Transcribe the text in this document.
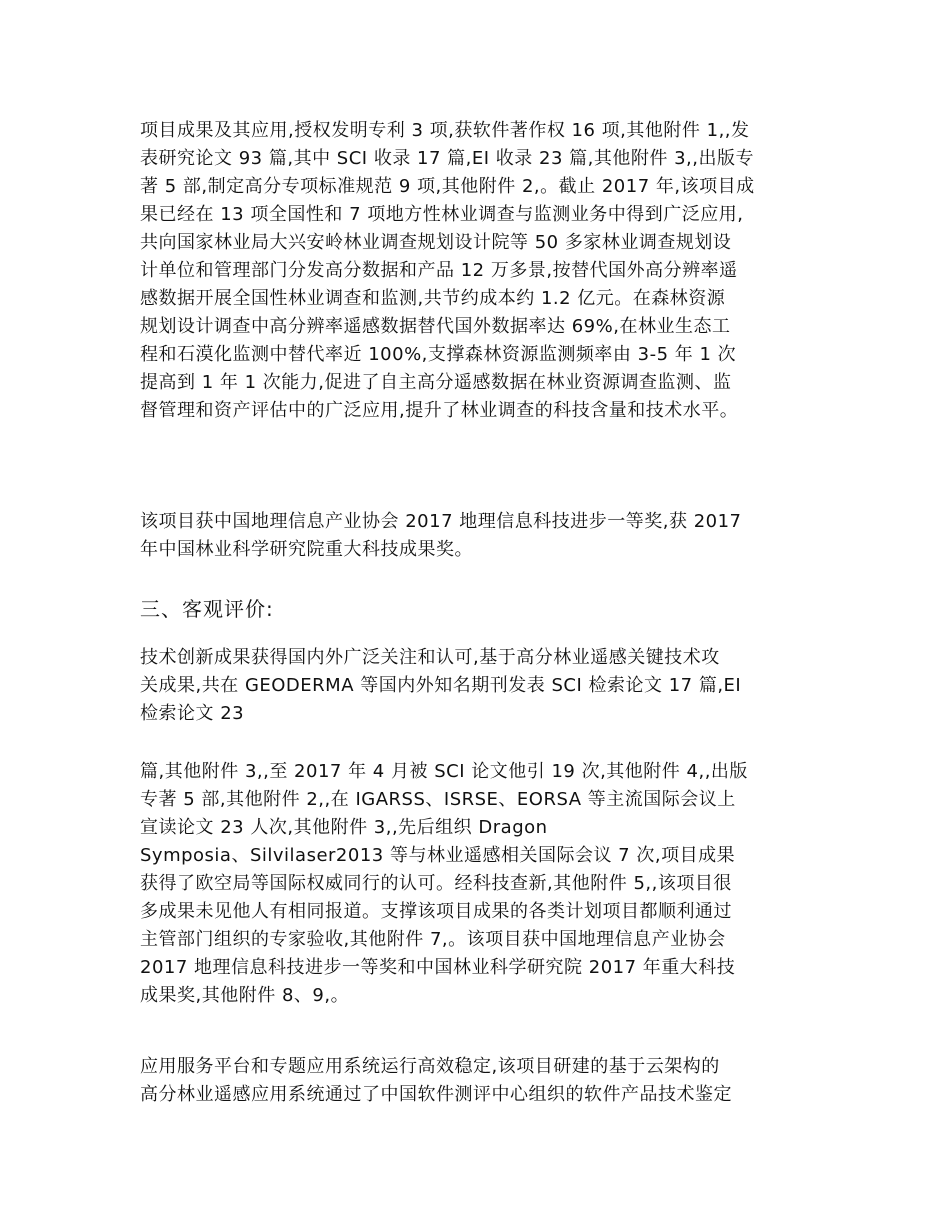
项目成果及其应用,授权发明专利 3 项,获软件著作权 16 项,其他附件 1,,发
表研究论文 93 篇,其中 SCI 收录 17 篇,EI 收录 23 篇,其他附件 3,,出版专
著 5 部,制定高分专项标准规范 9 项,其他附件 2,。截止 2017 年,该项目成
果已经在 13 项全国性和 7 项地方性林业调查与监测业务中得到广泛应用,
共向国家林业局大兴安岭林业调查规划设计院等 50 多家林业调查规划设
计单位和管理部门分发高分数据和产品 12 万多景,按替代国外高分辨率遥
感数据开展全国性林业调查和监测,共节约成本约 1.2 亿元。在森林资源
规划设计调查中高分辨率遥感数据替代国外数据率达 69%,在林业生态工
程和石漠化监测中替代率近 100%,支撑森林资源监测频率由 3-5 年 1 次
提高到 1 年 1 次能力,促进了自主高分遥感数据在林业资源调查监测、监
督管理和资产评估中的广泛应用,提升了林业调查的科技含量和技术水平。
该项目获中国地理信息产业协会 2017 地理信息科技进步一等奖,获 2017
年中国林业科学研究院重大科技成果奖。
三、客观评价:
技术创新成果获得国内外广泛关注和认可,基于高分林业遥感关键技术攻
关成果,共在 GEODERMA 等国内外知名期刊发表 SCI 检索论文 17 篇,EI
检索论文 23
篇,其他附件 3,,至 2017 年 4 月被 SCI 论文他引 19 次,其他附件 4,,出版
专著 5 部,其他附件 2,,在 IGARSS、ISRSE、EORSA 等主流国际会议上
宣读论文 23 人次,其他附件 3,,先后组织 Dragon
Symposia、Silvilaser2013 等与林业遥感相关国际会议 7 次,项目成果
获得了欧空局等国际权威同行的认可。经科技查新,其他附件 5,,该项目很
多成果未见他人有相同报道。支撑该项目成果的各类计划项目都顺利通过
主管部门组织的专家验收,其他附件 7,。该项目获中国地理信息产业协会
2017 地理信息科技进步一等奖和中国林业科学研究院 2017 年重大科技
成果奖,其他附件 8、9,。
应用服务平台和专题应用系统运行高效稳定,该项目研建的基于云架构的
高分林业遥感应用系统通过了中国软件测评中心组织的软件产品技术鉴定
